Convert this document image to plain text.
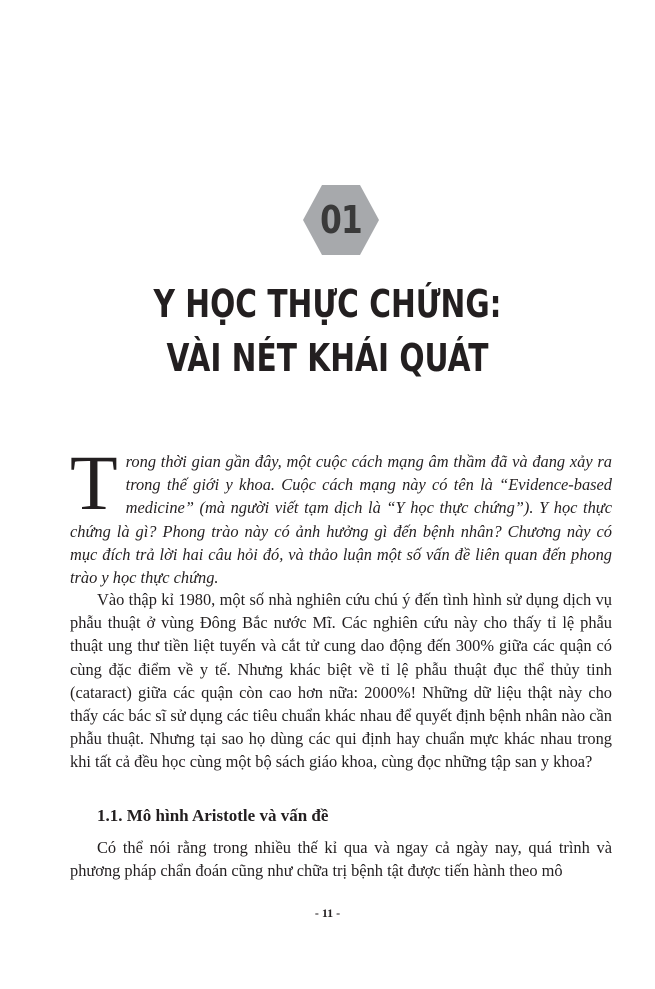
01
Y HỌC THỰC CHỨNG:
VÀI NÉT KHÁI QUÁT

Trong thời gian gần đây, một cuộc cách mạng âm thầm đã và đang xảy ra trong thế giới y khoa. Cuộc cách mạng này có tên là “Evidence-based medicine” (mà người viết tạm dịch là “Y học thực chứng”). Y học thực chứng là gì? Phong trào này có ảnh hưởng gì đến bệnh nhân? Chương này có mục đích trả lời hai câu hỏi đó, và thảo luận một số vấn đề liên quan đến phong trào y học thực chứng.

Vào thập kỉ 1980, một số nhà nghiên cứu chú ý đến tình hình sử dụng dịch vụ phẫu thuật ở vùng Đông Bắc nước Mĩ. Các nghiên cứu này cho thấy tỉ lệ phẫu thuật ung thư tiền liệt tuyến và cắt tử cung dao động đến 300% giữa các quận có cùng đặc điểm về y tế. Nhưng khác biệt về tỉ lệ phẫu thuật đục thể thủy tinh (cataract) giữa các quận còn cao hơn nữa: 2000%! Những dữ liệu thật này cho thấy các bác sĩ sử dụng các tiêu chuẩn khác nhau để quyết định bệnh nhân nào cần phẫu thuật. Nhưng tại sao họ dùng các qui định hay chuẩn mực khác nhau trong khi tất cả đều học cùng một bộ sách giáo khoa, cùng đọc những tập san y khoa?

1.1. Mô hình Aristotle và vấn đề

Có thể nói rằng trong nhiều thế kỉ qua và ngay cả ngày nay, quá trình và phương pháp chẩn đoán cũng như chữa trị bệnh tật được tiến hành theo mô

- 11 -
